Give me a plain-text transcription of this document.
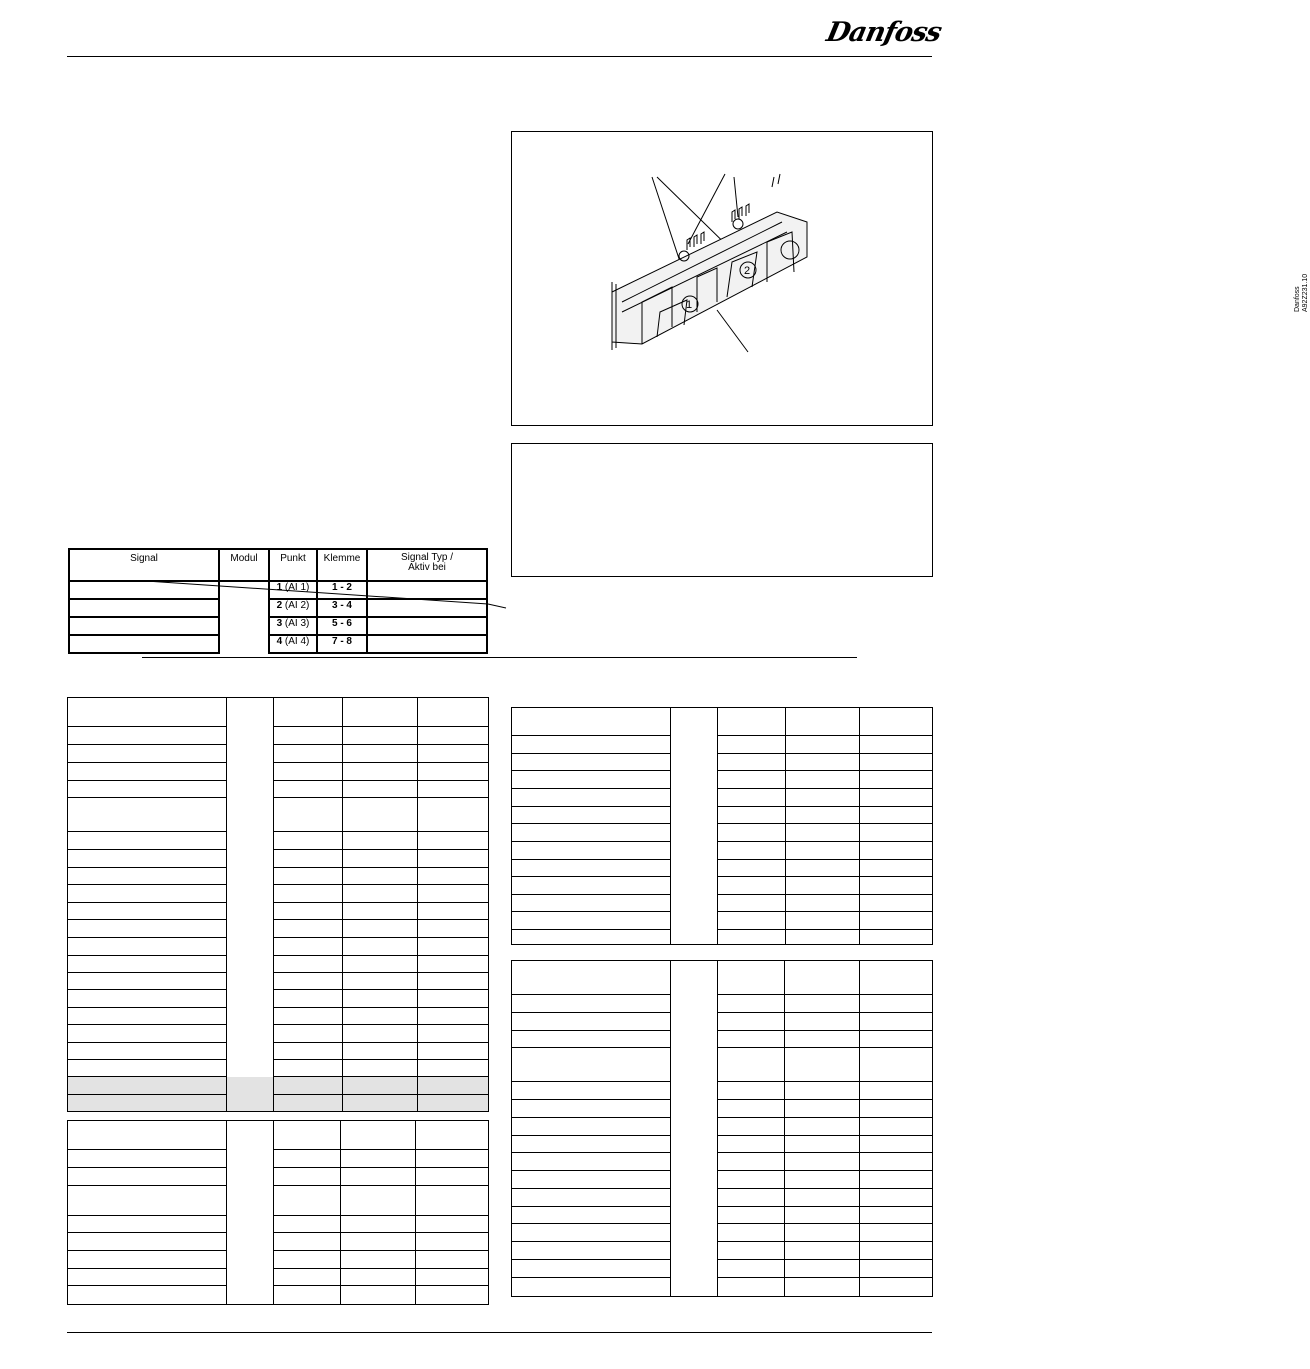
Danfoss
1
2
Danfoss
A92Z231.10
Signal	Modul	Punkt	Klemme	Signal Typ /
Aktiv bei
		1 (AI 1)	1 - 2	
		2 (AI 2)	3 - 4	
		3 (AI 3)	5 - 6	
		4 (AI 4)	7 - 8	
